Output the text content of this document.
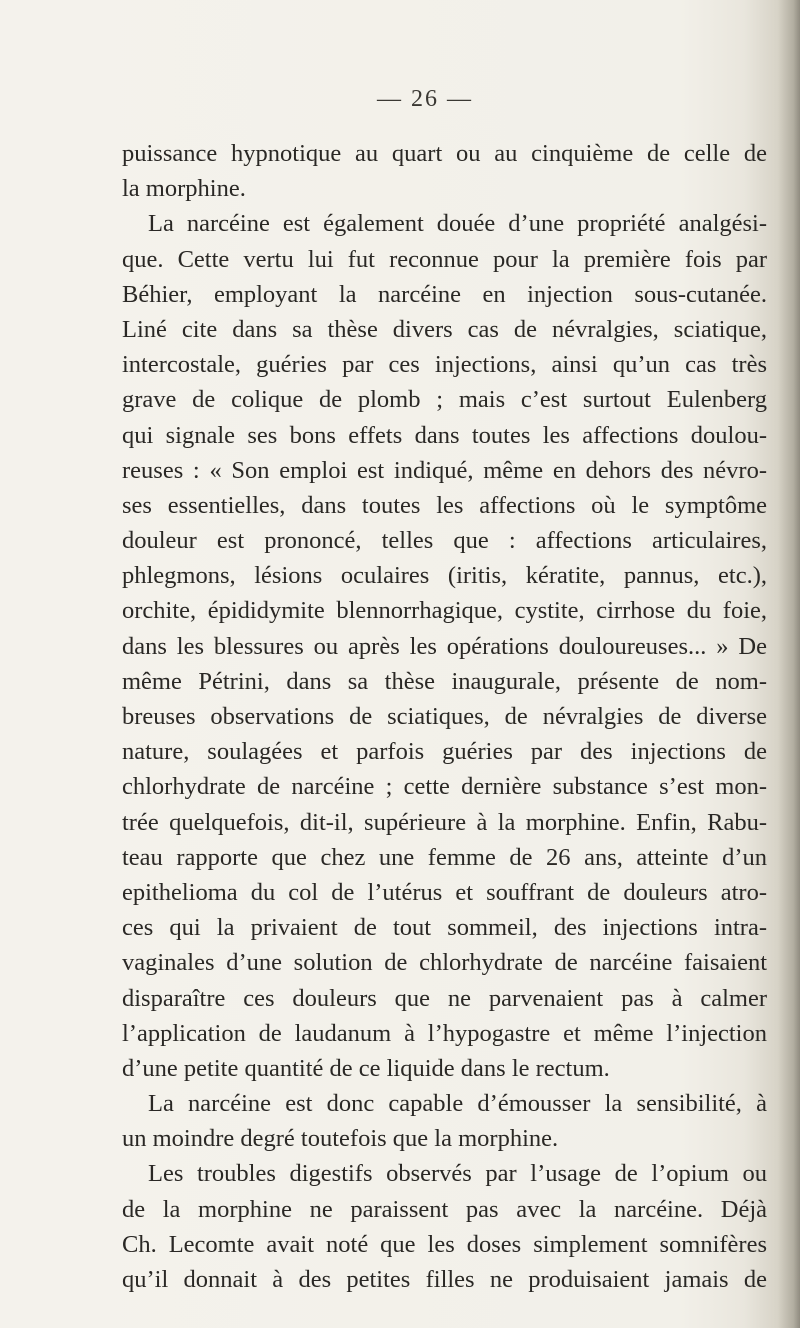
— 26 —
puissance hypnotique au quart ou au cinquième de celle de
la morphine.
La narcéine est également douée d’une propriété analgési-
que. Cette vertu lui fut reconnue pour la première fois par
Béhier, employant la narcéine en injection sous-cutanée.
Liné cite dans sa thèse divers cas de névralgies, sciatique,
intercostale, guéries par ces injections, ainsi qu’un cas très
grave de colique de plomb ; mais c’est surtout Eulenberg
qui signale ses bons effets dans toutes les affections doulou-
reuses : « Son emploi est indiqué, même en dehors des névro-
ses essentielles, dans toutes les affections où le symptôme
douleur est prononcé, telles que : affections articulaires,
phlegmons, lésions oculaires (iritis, kératite, pannus, etc.),
orchite, épididymite blennorrhagique, cystite, cirrhose du foie,
dans les blessures ou après les opérations douloureuses... » De
même Pétrini, dans sa thèse inaugurale, présente de nom-
breuses observations de sciatiques, de névralgies de diverse
nature, soulagées et parfois guéries par des injections de
chlorhydrate de narcéine ; cette dernière substance s’est mon-
trée quelquefois, dit-il, supérieure à la morphine. Enfin, Rabu-
teau rapporte que chez une femme de 26 ans, atteinte d’un
epithelioma du col de l’utérus et souffrant de douleurs atro-
ces qui la privaient de tout sommeil, des injections intra-
vaginales d’une solution de chlorhydrate de narcéine faisaient
disparaître ces douleurs que ne parvenaient pas à calmer
l’application de laudanum à l’hypogastre et même l’injection
d’une petite quantité de ce liquide dans le rectum.
La narcéine est donc capable d’émousser la sensibilité, à
un moindre degré toutefois que la morphine.
Les troubles digestifs observés par l’usage de l’opium ou
de la morphine ne paraissent pas avec la narcéine. Déjà
Ch. Lecomte avait noté que les doses simplement somnifères
qu’il donnait à des petites filles ne produisaient jamais de
